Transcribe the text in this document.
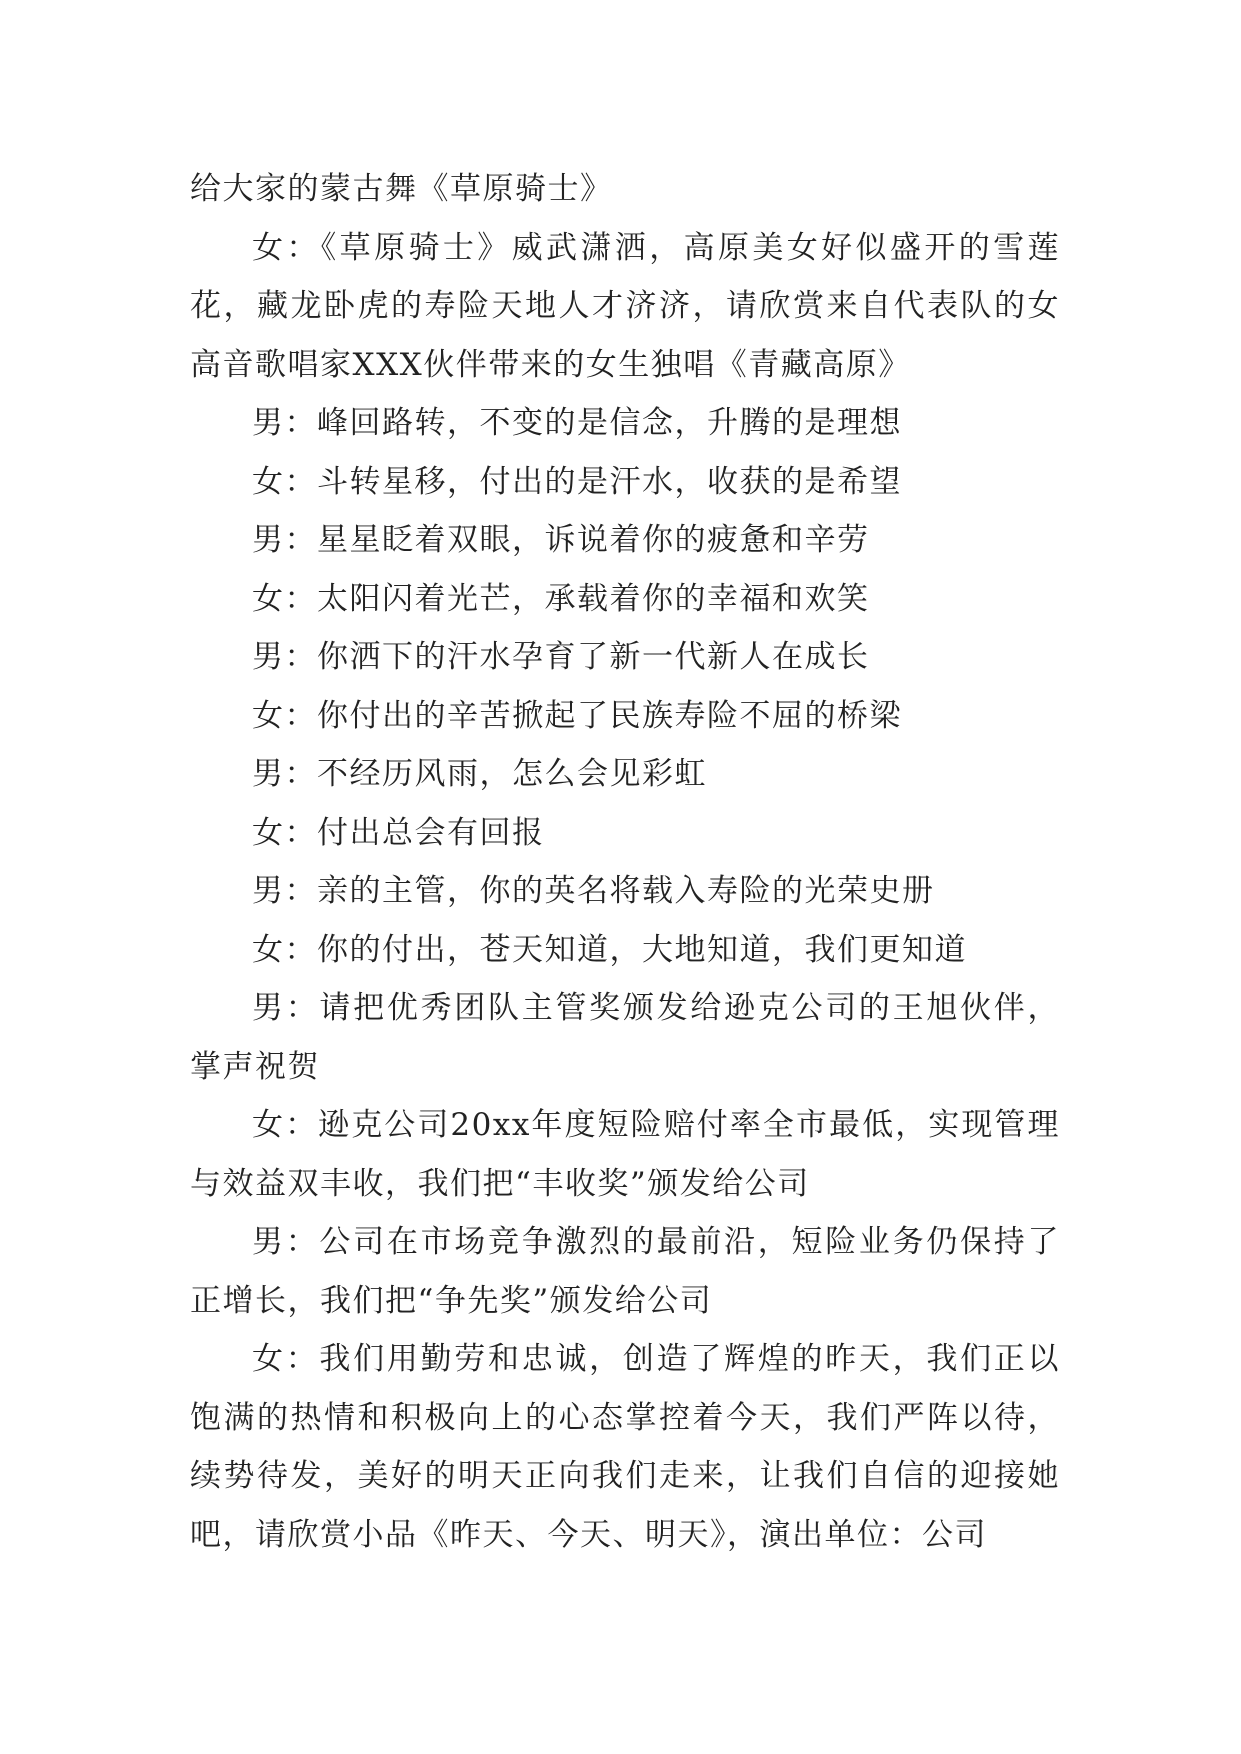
给大家的蒙古舞《草原骑士》

女：《草原骑士》威武潇洒，高原美女好似盛开的雪莲花，藏龙卧虎的寿险天地人才济济，请欣赏来自代表队的女高音歌唱家XXX伙伴带来的女生独唱《青藏高原》

男：峰回路转，不变的是信念，升腾的是理想

女：斗转星移，付出的是汗水，收获的是希望

男：星星眨着双眼，诉说着你的疲惫和辛劳

女：太阳闪着光芒，承载着你的幸福和欢笑

男：你洒下的汗水孕育了新一代新人在成长

女：你付出的辛苦掀起了民族寿险不屈的桥梁

男：不经历风雨，怎么会见彩虹

女：付出总会有回报

男：亲的主管，你的英名将载入寿险的光荣史册

女：你的付出，苍天知道，大地知道，我们更知道

男：请把优秀团队主管奖颁发给逊克公司的王旭伙伴，掌声祝贺

女：逊克公司20xx年度短险赔付率全市最低，实现管理与效益双丰收，我们把“丰收奖”颁发给公司

男：公司在市场竞争激烈的最前沿，短险业务仍保持了正增长，我们把“争先奖”颁发给公司

女：我们用勤劳和忠诚，创造了辉煌的昨天，我们正以饱满的热情和积极向上的心态掌控着今天，我们严阵以待，续势待发，美好的明天正向我们走来，让我们自信的迎接她吧，请欣赏小品《昨天、今天、明天》，演出单位：公司
